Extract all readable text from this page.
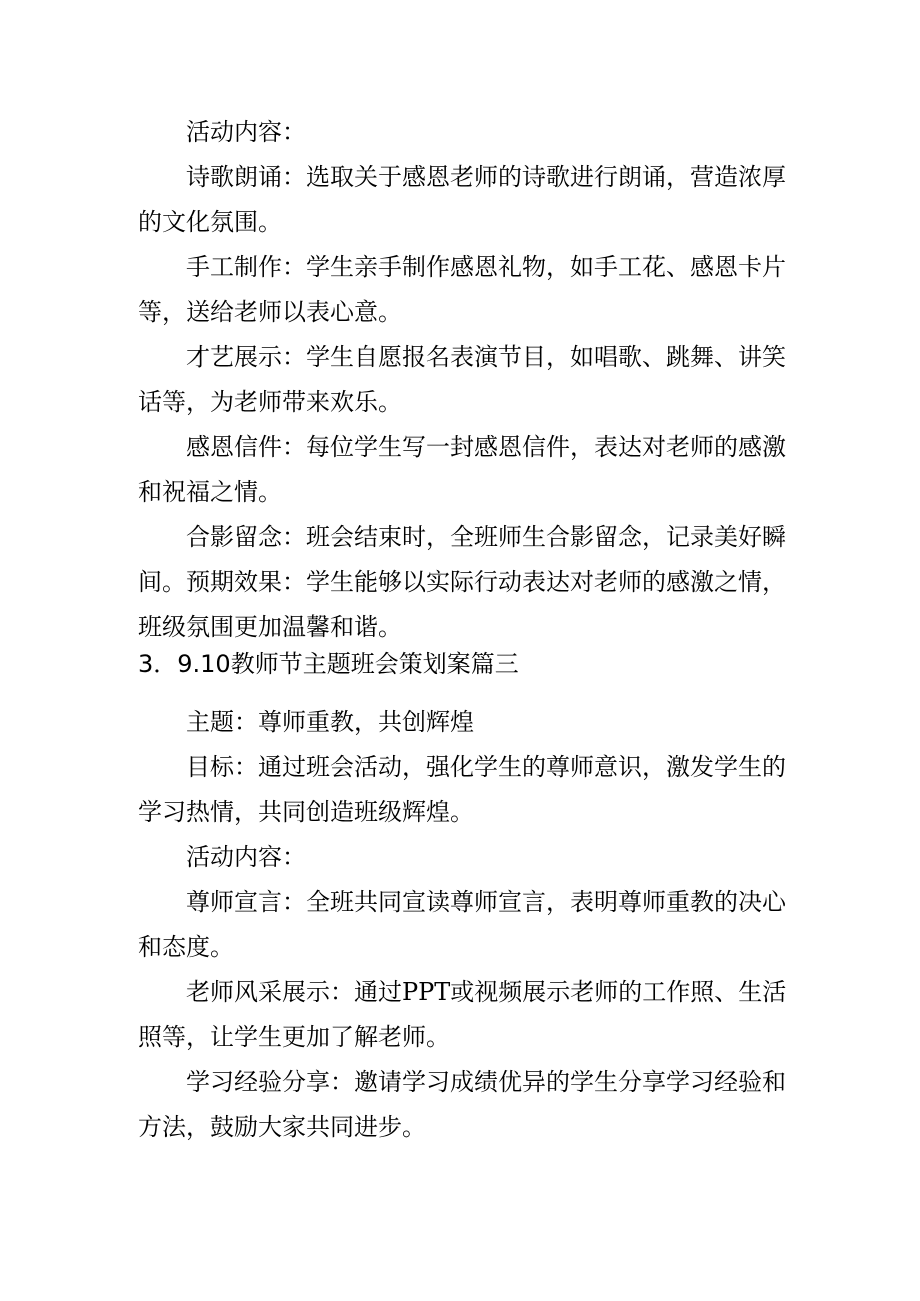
活动内容：

诗歌朗诵：选取关于感恩老师的诗歌进行朗诵，营造浓厚的文化氛围。

手工制作：学生亲手制作感恩礼物，如手工花、感恩卡片等，送给老师以表心意。

才艺展示：学生自愿报名表演节目，如唱歌、跳舞、讲笑话等，为老师带来欢乐。

感恩信件：每位学生写一封感恩信件，表达对老师的感激和祝福之情。

合影留念：班会结束时，全班师生合影留念，记录美好瞬间。 预期效果：学生能够以实际行动表达对老师的感激之情，班级氛围更加温馨和谐。

3．9.10教师节主题班会策划案篇三

主题：尊师重教，共创辉煌

目标：通过班会活动，强化学生的尊师意识，激发学生的学习热情，共同创造班级辉煌。

活动内容：

尊师宣言：全班共同宣读尊师宣言，表明尊师重教的决心和态度。

老师风采展示：通过PPT或视频展示老师的工作照、生活照等，让学生更加了解老师。

学习经验分享：邀请学习成绩优异的学生分享学习经验和方法，鼓励大家共同进步。
